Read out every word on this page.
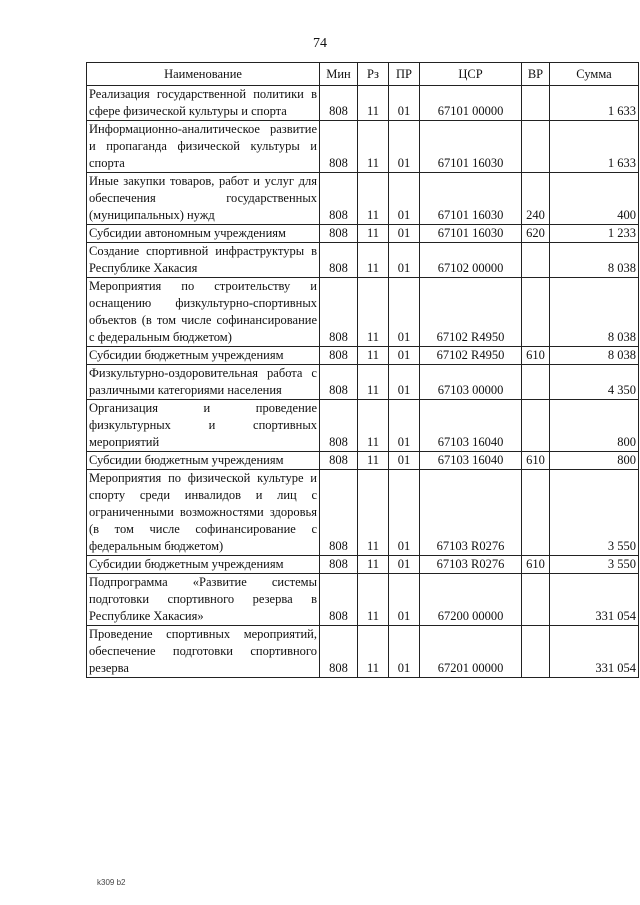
74
Наименование	Мин	Рз	ПР	ЦСР	ВР	Сумма
Реализация государственной политики в сфере физической культуры и спорта	808	11	01	67101 00000		1 633
Информационно-аналитическое развитие и пропаганда физической культуры и спорта	808	11	01	67101 16030		1 633
Иные закупки товаров, работ и услуг для обеспечения государственных (муниципальных) нужд	808	11	01	67101 16030	240	400
Субсидии автономным учреждениям	808	11	01	67101 16030	620	1 233
Создание спортивной инфраструктуры в Республике Хакасия	808	11	01	67102 00000		8 038
Мероприятия по строительству и оснащению физкультурно-спортивных объектов (в том числе софинансирование с федеральным бюджетом)	808	11	01	67102 R4950		8 038
Субсидии бюджетным учреждениям	808	11	01	67102 R4950	610	8 038
Физкультурно-оздоровительная работа с различными категориями населения	808	11	01	67103 00000		4 350
Организация и проведение физкультурных и спортивных мероприятий	808	11	01	67103 16040		800
Субсидии бюджетным учреждениям	808	11	01	67103 16040	610	800
Мероприятия по физической культуре и спорту среди инвалидов и лиц с ограниченными возможностями здоровья (в том числе софинансирование с федеральным бюджетом)	808	11	01	67103 R0276		3 550
Субсидии бюджетным учреждениям	808	11	01	67103 R0276	610	3 550
Подпрограмма «Развитие системы подготовки спортивного резерва в Республике Хакасия»	808	11	01	67200 00000		331 054
Проведение спортивных мероприятий, обеспечение подготовки спортивного резерва	808	11	01	67201 00000		331 054
k309 b2
